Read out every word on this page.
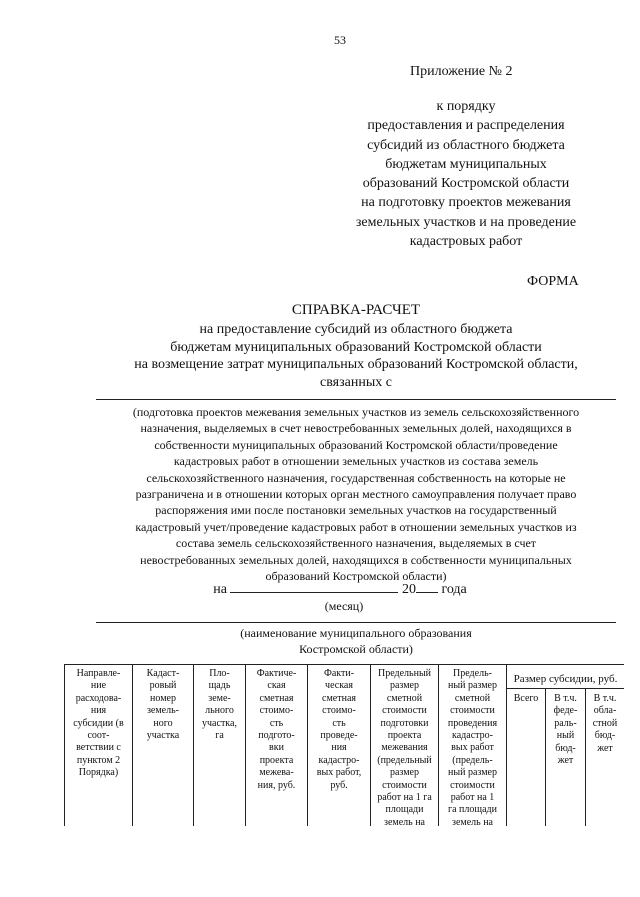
53
Приложение № 2
к порядку
предоставления и распределения
субсидий из областного бюджета
бюджетам муниципальных
образований Костромской области
на подготовку проектов межевания
земельных участков и на проведение
кадастровых работ
ФОРМА
СПРАВКА-РАСЧЕТ
на предоставление субсидий из областного бюджета
бюджетам муниципальных образований Костромской области
на возмещение затрат муниципальных образований Костромской области,
связанных с
(подготовка проектов межевания земельных участков из земель сельскохозяйственного
назначения, выделяемых в счет невостребованных земельных долей, находящихся в
собственности муниципальных образований Костромской области/проведение
кадастровых работ в отношении земельных участков из состава земель
сельскохозяйственного назначения, государственная собственность на которые не
разграничена и в отношении которых орган местного самоуправления получает право
распоряжения ими после постановки земельных участков на государственный
кадастровый учет/проведение кадастровых работ в отношении земельных участков из
состава земель сельскохозяйственного назначения, выделяемых в счет
невостребованных земельных долей, находящихся в собственности муниципальных
образований Костромской области)
на	20 года
(месяц)
(наименование муниципального образования
Костромской области)
Направле-
ние
расходова-
ния
субсидии (в
соот-
ветствии с
пунктом 2
Порядка)
Кадаст-
ровый
номер
земель-
ного
участка
Пло-
щадь
земе-
льного
участка,
га
Фактиче-
ская
сметная
стоимо-
сть
подгото-
вки
проекта
межева-
ния, руб.
Факти-
ческая
сметная
стоимо-
сть
проведе-
ния
кадастро-
вых работ,
руб.
Предельный
размер
сметной
стоимости
подготовки
проекта
межевания
(предельный
размер
стоимости
работ на 1 га
площади
земель на
Предель-
ный размер
сметной
стоимости
проведения
кадастро-
вых работ
(предель-
ный размер
стоимости
работ на 1
га площади
земель на
Размер субсидии, руб.
Всего	В т.ч.
феде-
раль-
ный
бюд-
жет
В т.ч.
обла-
стной
бюд-
жет
